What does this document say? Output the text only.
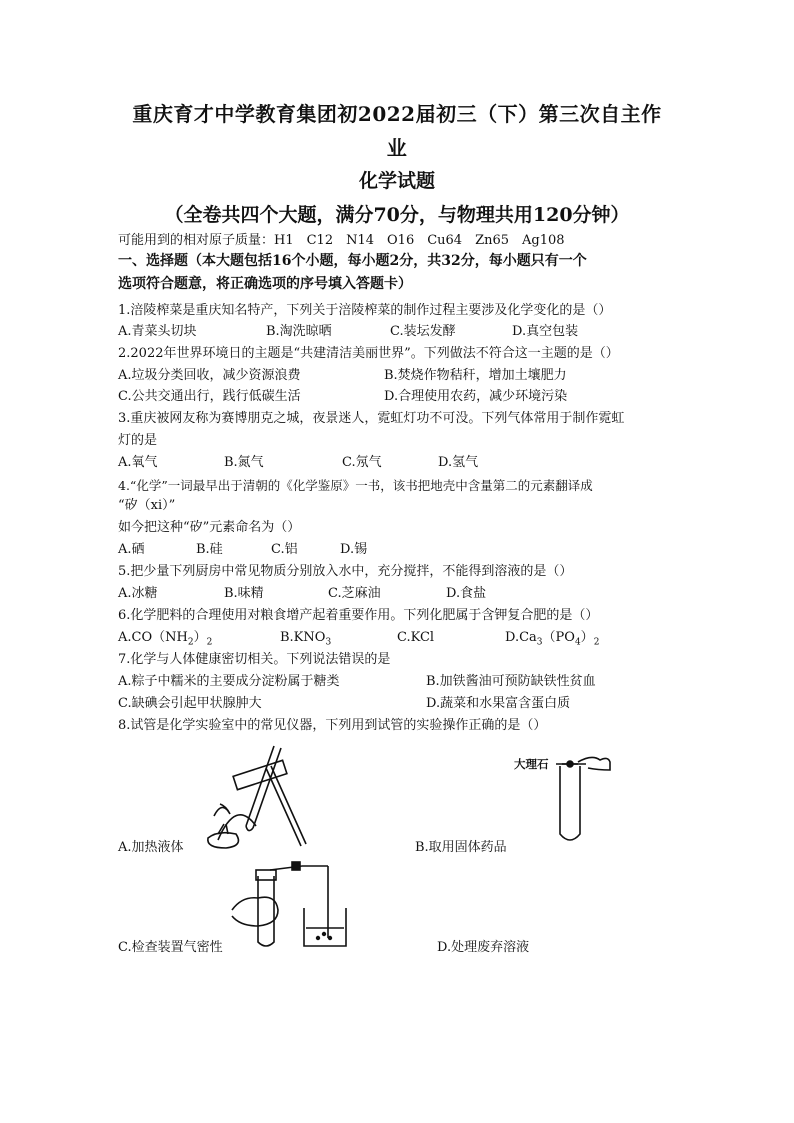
重庆育才中学教育集团初2022届初三（下）第三次自主作
业
化学试题
（全卷共四个大题，满分70分，与物理共用120分钟）
可能用到的相对原子质量：H1　C12　N14　O16　Cu64　Zn65　Ag108
一、选择题（本大题包括16个小题，每小题2分，共32分，每小题只有一个
选项符合题意，将正确选项的序号填入答题卡）
1.涪陵榨菜是重庆知名特产，下列关于涪陵榨菜的制作过程主要涉及化学变化的是（）
A.青菜头切块	B.淘洗晾晒	C.装坛发酵	D.真空包装
2.2022年世界环境日的主题是“共建清洁美丽世界”。下列做法不符合这一主题的是（）
A.垃圾分类回收，减少资源浪费	B.焚烧作物秸秆，增加土壤肥力
C.公共交通出行，践行低碳生活	D.合理使用农药，减少环境污染
3.重庆被网友称为赛博朋克之城，夜景迷人，霓虹灯功不可没。下列气体常用于制作霓虹
灯的是
A.氧气	B.氮气	C.氖气	D.氢气
4.“化学”一词最早出于清朝的《化学鉴原》一书，该书把地壳中含量第二的元素翻译成
“矽（xi）”
如今把这种“矽”元素命名为（）
A.硒	B.硅	C.铝	D.锡
5.把少量下列厨房中常见物质分别放入水中，充分搅拌，不能得到溶液的是（）
A.冰糖	B.味精	C.芝麻油	D.食盐
6.化学肥料的合理使用对粮食增产起着重要作用。下列化肥属于含钾复合肥的是（）
$A.CO(NH_2)_2$	$B.KNO_3$	C.KCl	$D.Ca_3(PO_4)_2$
7.化学与人体健康密切相关。下列说法错误的是
A.粽子中糯米的主要成分淀粉属于糖类	B.加铁酱油可预防缺铁性贫血
C.缺碘会引起甲状腺肿大	D.蔬菜和水果富含蛋白质
8.试管是化学实验室中的常见仪器，下列用到试管的实验操作正确的是（）
A.加热液体
大理石
B.取用固体药品
C.检查装置气密性	D.处理废弃溶液
